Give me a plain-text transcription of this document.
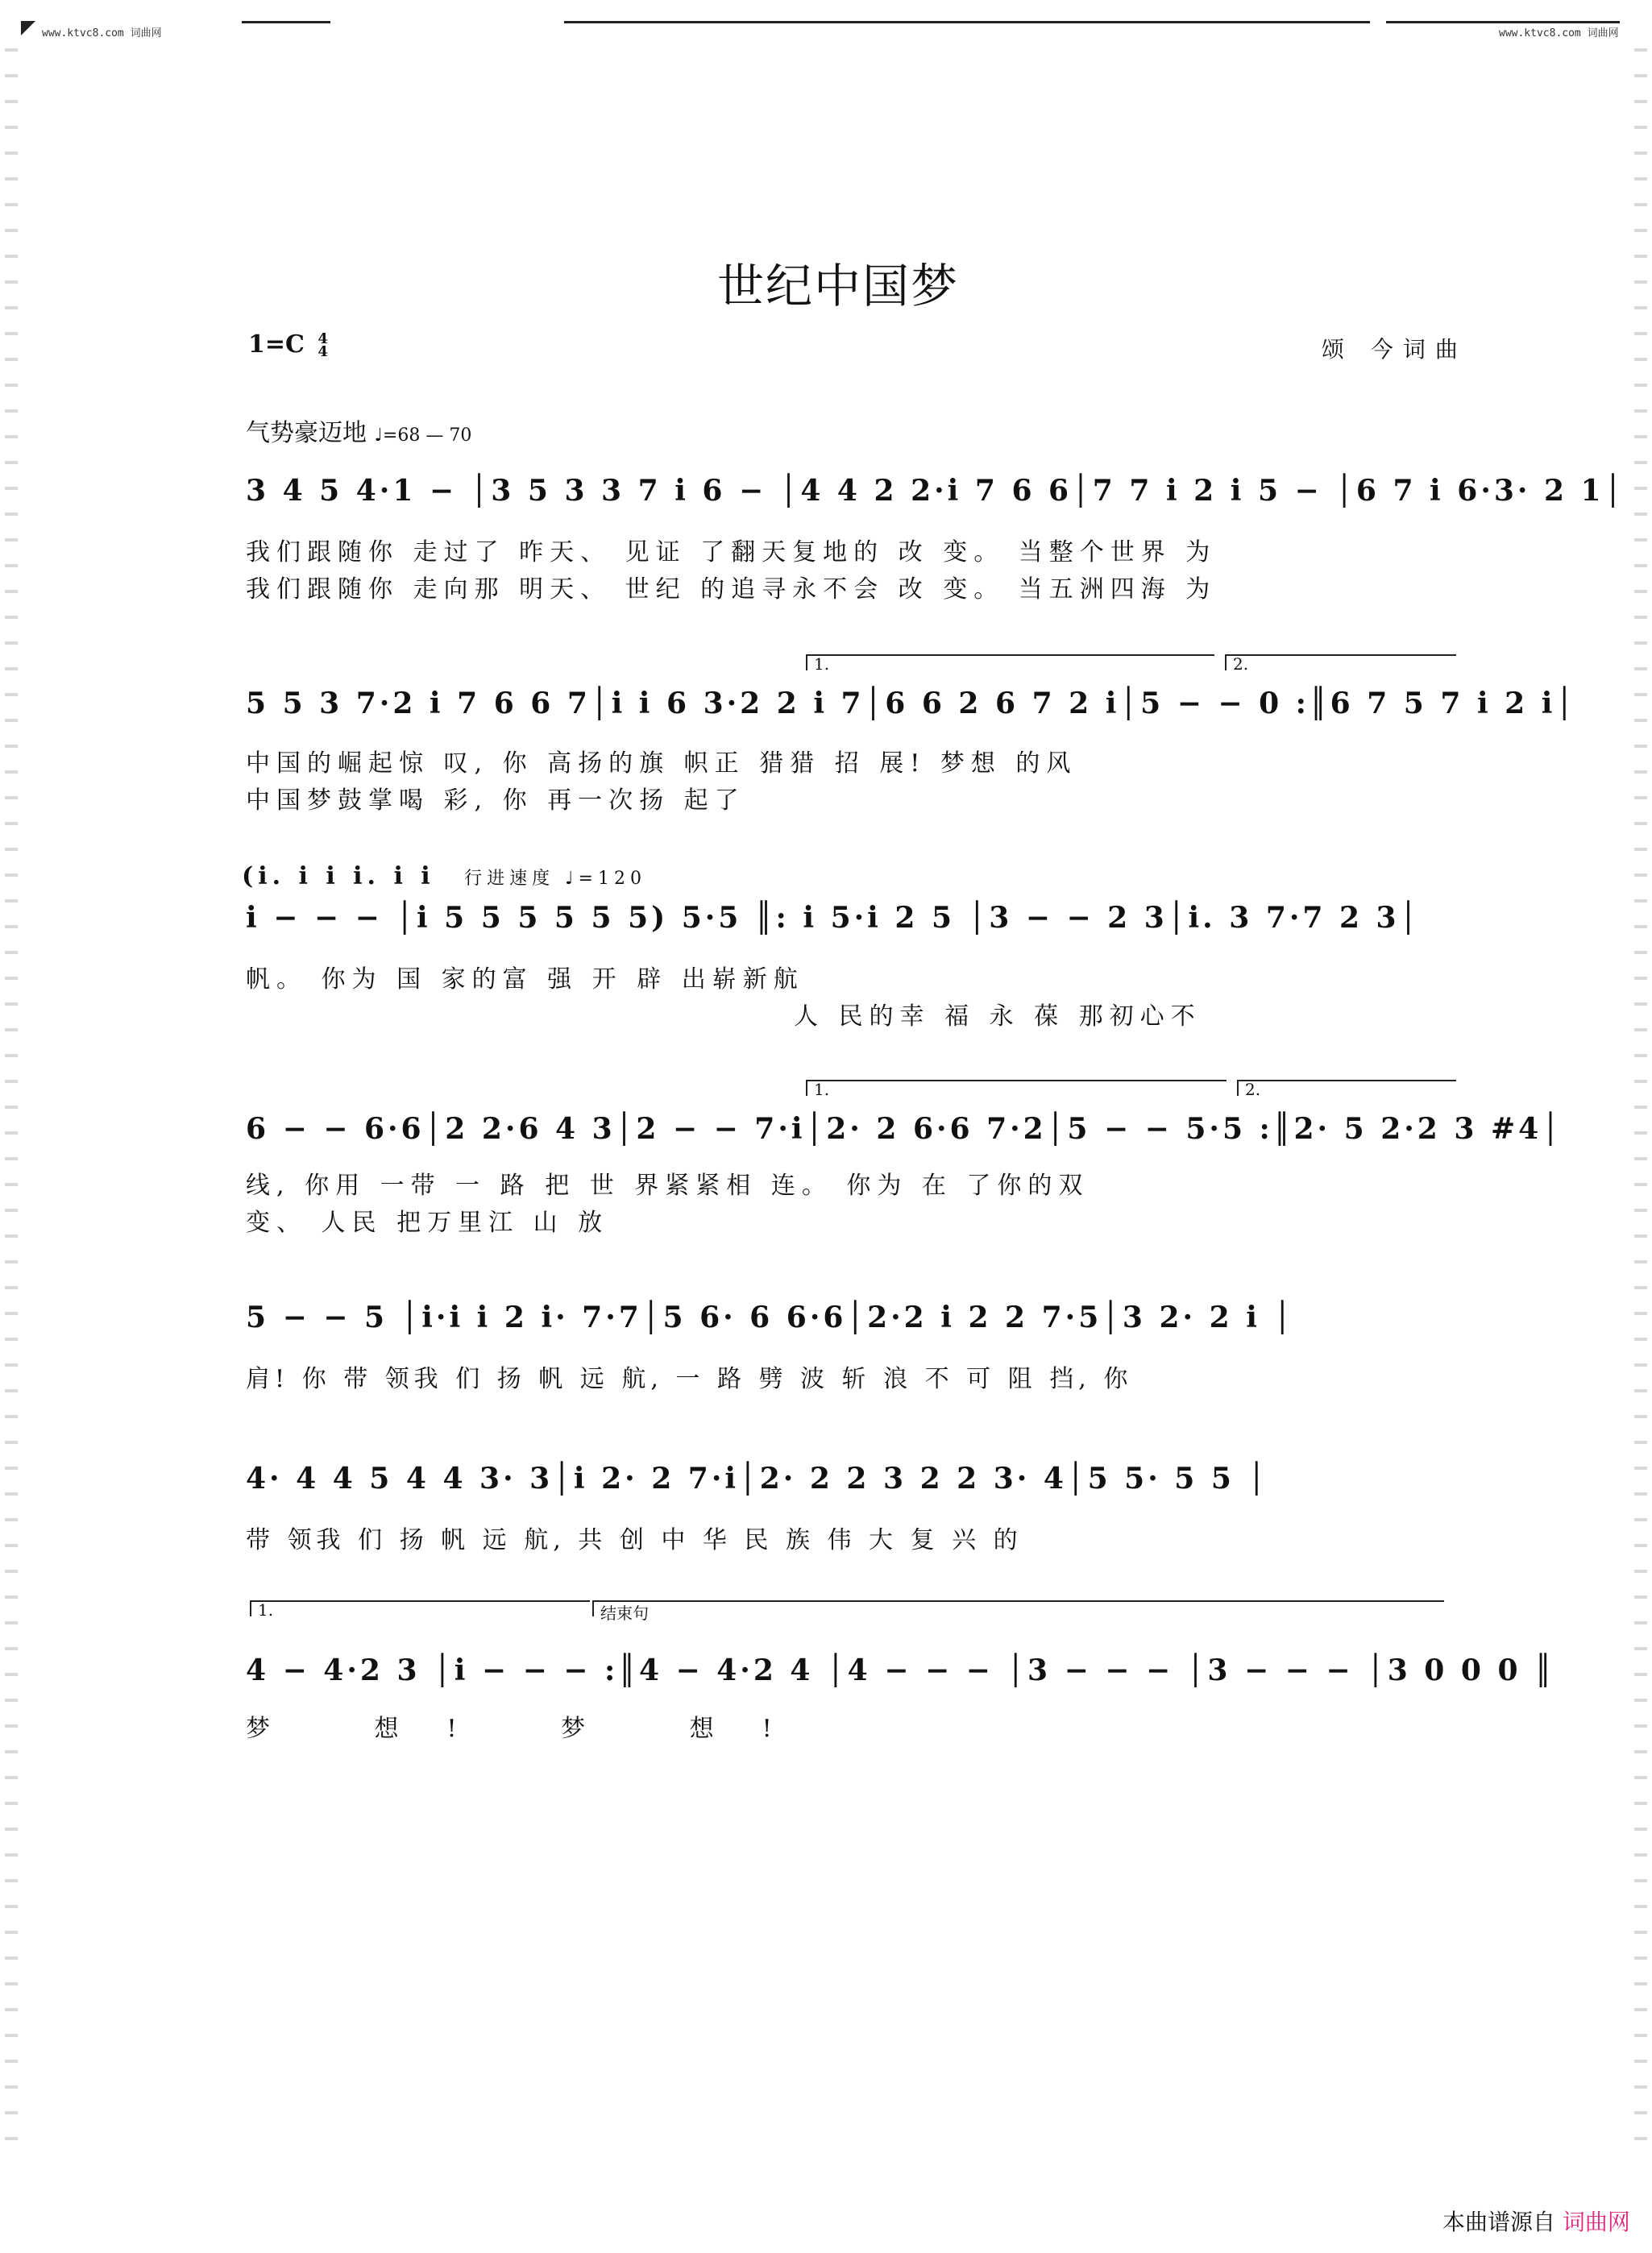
www.ktvc8.com 词曲网	www.ktvc8.com 词曲网
世纪中国梦
1=C 4
4	颂 今词曲
气势豪迈地 ♩=68 — 70
3 4 5 4·1 − │3 5 3 3 7 i 6 − │4 4 2 2·i 7 6 6│7 7 i 2 i 5 − │6 7 i 6·3· 2 1│
我们跟随你 走过了 昨天、 见证 了翻天复地的 改 变。 当整个世界 为
我们跟随你 走向那 明天、 世纪 的追寻永不会 改 变。 当五洲四海 为
1.	2.
5 5 3 7·2 i 7 6 6 7│i i 6 3·2 2 i 7│6 6 2 6 7 2 i│5 − − 0 :║6 7 5 7 i 2 i│
中国的崛起惊 叹, 你 高扬的旗 帜正 猎猎 招 展! 梦想 的风
中国梦鼓掌喝 彩, 你 再一次扬 起了
(i. i i i. i i 行进速度 ♩=120
i − − − │i 5 5 5 5 5 5) 5·5 ║: i 5·i 2 5 │3 − − 2 3│i. 3 7·7 2 3│
帆。 你为 国 家的富 强 开 辟 出崭新航
人 民的幸 福 永 葆 那初心不
1.	2.
6 − − 6·6│2 2·6 4 3│2 − − 7·i│2· 2 6·6 7·2│5 − − 5·5 :║2· 5 2·2 3 #4│
线, 你用 一带 一 路 把 世 界紧紧相 连。 你为 在 了你的双
变、 人民 把万里江 山 放
5 − − 5 │i·i i 2 i· 7·7│5 6· 6 6·6│2·2 i 2 2 7·5│3 2· 2 i │
肩! 你 带 领我 们 扬 帆 远 航, 一 路 劈 波 斩 浪 不 可 阻 挡, 你
4· 4 4 5 4 4 3· 3│i 2· 2 7·i│2· 2 2 3 2 2 3· 4│5 5· 5 5 │
带 领我 们 扬 帆 远 航, 共 创 中 华 民 族 伟 大 复 兴 的
1.	结束句
4 − 4·2 3 │i − − − :║4 − 4·2 4 │4 − − − │3 − − − │3 − − − │3 0 0 0 ║
梦 想! 梦 想!
本曲谱源自 词曲网
